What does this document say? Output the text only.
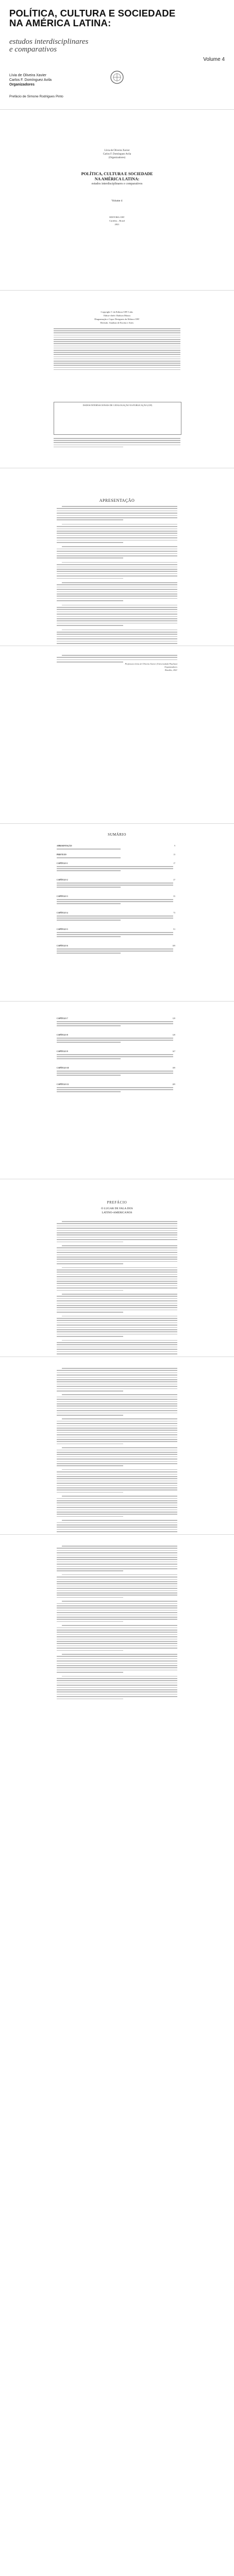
POLÍTICA, CULTURA E SOCIEDADE
NA AMÉRICA LATINA:
estudos interdisciplinares
e comparativos
Volume 4
Lívia de Oliveira Xavier
Carlos F. Domínguez Avila
Organizadores
Prefácio de Simone Rodrigues Pinto
Lívia de Oliveira Xavier
Carlos F. Domínguez Avila
(Organizadores)
POLÍTICA, CULTURA E SOCIEDADE
NA AMÉRICA LATINA:
estudos interdisciplinares e comparativos
Volume 4
EDITORA CRV
Curitiba – Brasil
2021
Copyright © da Editora CRV Ltda.
Editor-chefe: Railson Moura
Diagramação e Capa: Designers da Editora CRV
Revisão: Analista de Escrita e Artes
DADOS INTERNACIONAIS DE CATALOGAÇÃO NA PUBLICAÇÃO (CIP)
APRESENTAÇÃO
Professora Lívia de Oliveira Xavier (Universidade Paulista)
Organizadores
Brasília, 2021
SUMÁRIO
APRESENTAÇÃO	9
PREFÁCIO	13
CAPÍTULO 1	17
CAPÍTULO 2	37
CAPÍTULO 3	55
CAPÍTULO 4	73
CAPÍTULO 5	91
CAPÍTULO 6	109
CAPÍTULO 7	129
CAPÍTULO 8	149
CAPÍTULO 9	167
CAPÍTULO 10	189
CAPÍTULO 11	209
PREFÁCIO
O LUGAR DE FALA DOS
LATINO-AMERICANOS
